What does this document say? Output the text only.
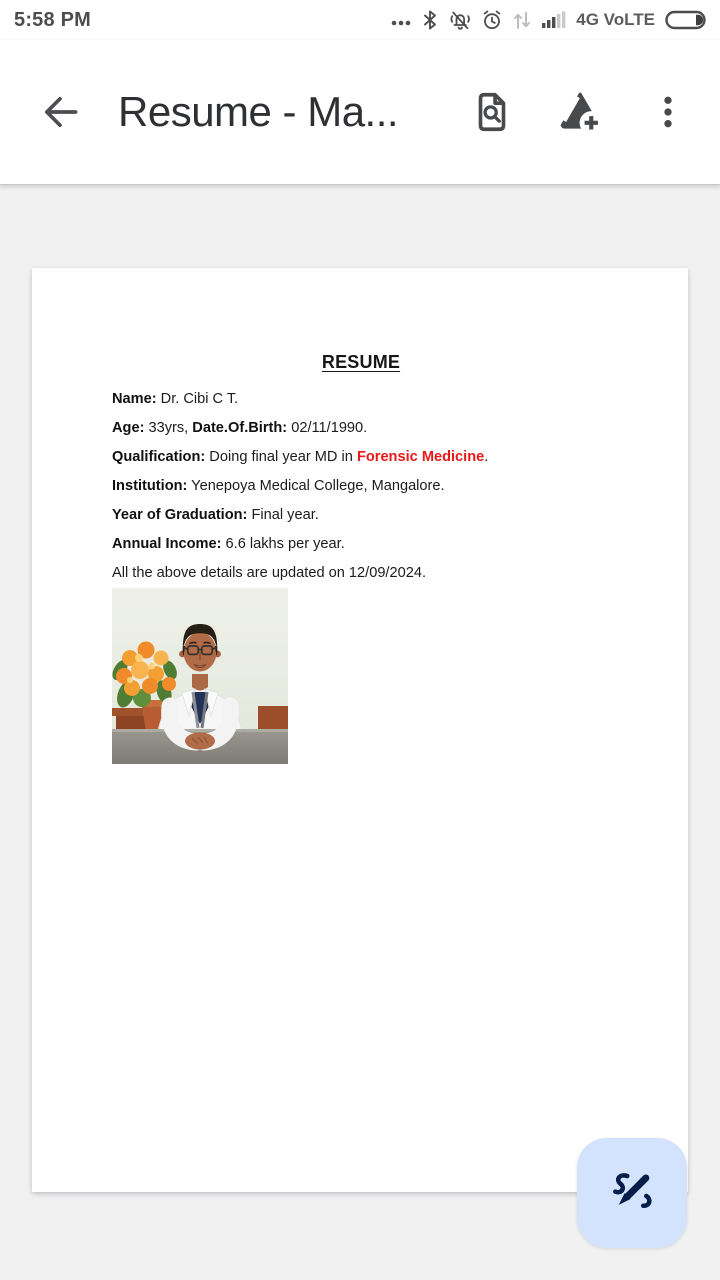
5:58 PM	4G VoLTE
Resume - Ma...
RESUME

Name: Dr. Cibi C T.

Age: 33yrs, Date.Of.Birth: 02/11/1990.

Qualification: Doing final year MD in Forensic Medicine.

Institution: Yenepoya Medical College, Mangalore.

Year of Graduation: Final year.

Annual Income: 6.6 lakhs per year.

All the above details are updated on 12/09/2024.
